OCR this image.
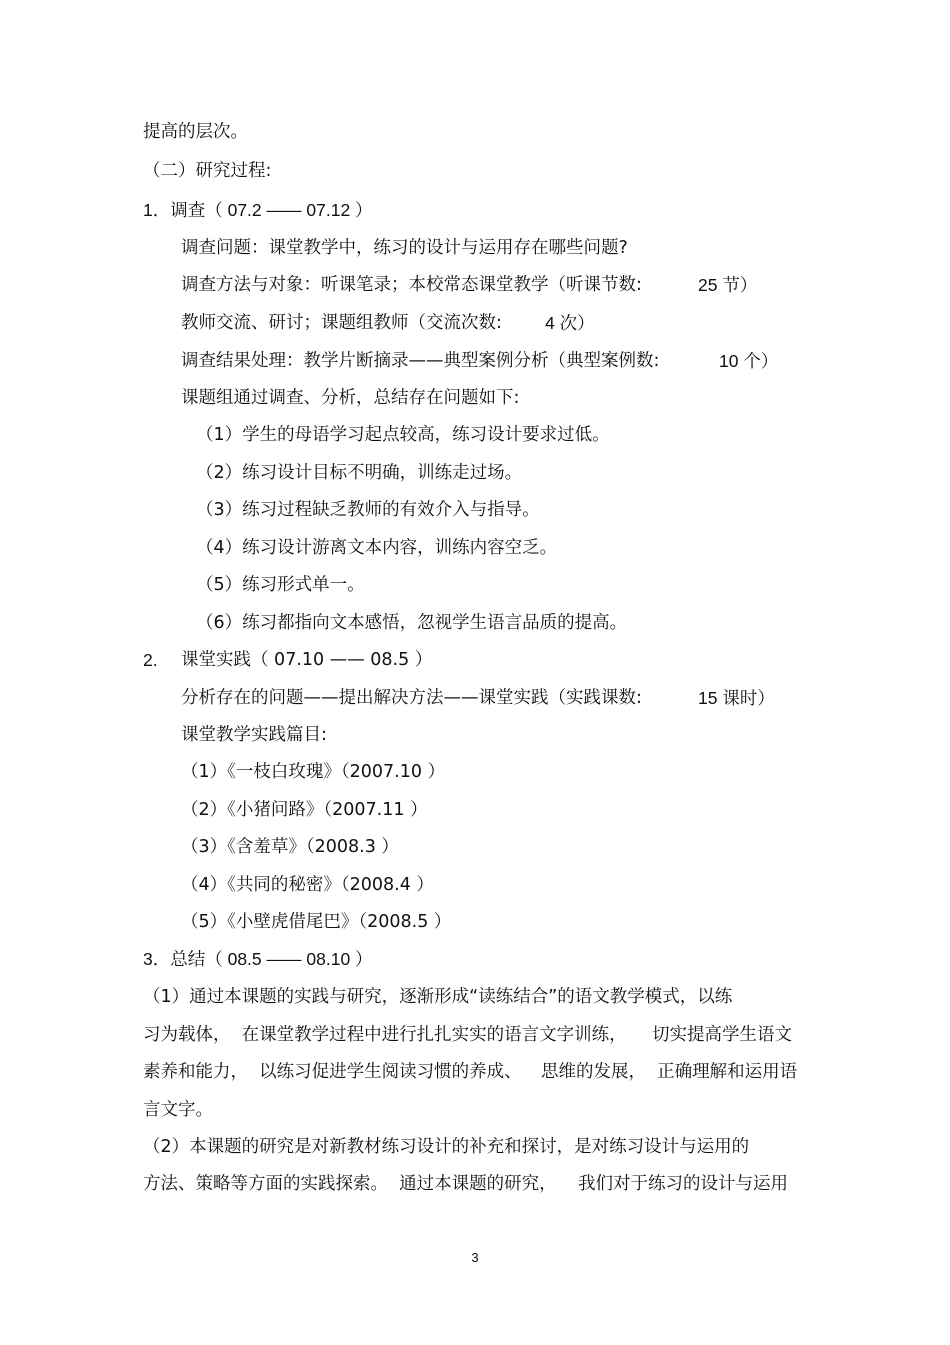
提高的层次。
（二）研究过程:
1．调查（ 07.2 —— 07.12 ）
调查问题：课堂教学中，练习的设计与运用存在哪些问题?
调查方法与对象：听课笔录；本校常态课堂教学（听课节数:	25 节）
教师交流、研讨；课题组教师（交流次数: 4 次）
调查结果处理：教学片断摘录——典型案例分析（典型案例数:	10 个）
课题组通过调查、分析，总结存在问题如下:
（1）学生的母语学习起点较高，练习设计要求过低。
（2）练习设计目标不明确，训练走过场。
（3）练习过程缺乏教师的有效介入与指导。
（4）练习设计游离文本内容，训练内容空乏。
（5）练习形式单一。
（6）练习都指向文本感悟，忽视学生语言品质的提高。
2. 课堂实践（ 07.10 —— 08.5 ）
分析存在的问题——提出解决方法——课堂实践（实践课数:	15 课时）
课堂教学实践篇目:
（1）《一枝白玫瑰》（2007.10 ）
（2）《小猪问路》（2007.11 ）
（3）《含羞草》（2008.3 ）
（4）《共同的秘密》（2008.4 ）
（5）《小壁虎借尾巴》（2008.5 ）
3．总结（ 08.5 —— 08.10 ）
（1）通过本课题的实践与研究，逐渐形成“读练结合”的语文教学模式，以练
习为载体，  在课堂教学过程中进行扎扎实实的语言文字训练， 切实提高学生语文
素养和能力，  以练习促进学生阅读习惯的养成、 思维的发展，  正确理解和运用语
言文字。
（2）本课题的研究是对新教材练习设计的补充和探讨，是对练习设计与运用的
方法、策略等方面的实践探索。  通过本课题的研究， 我们对于练习的设计与运用
3
